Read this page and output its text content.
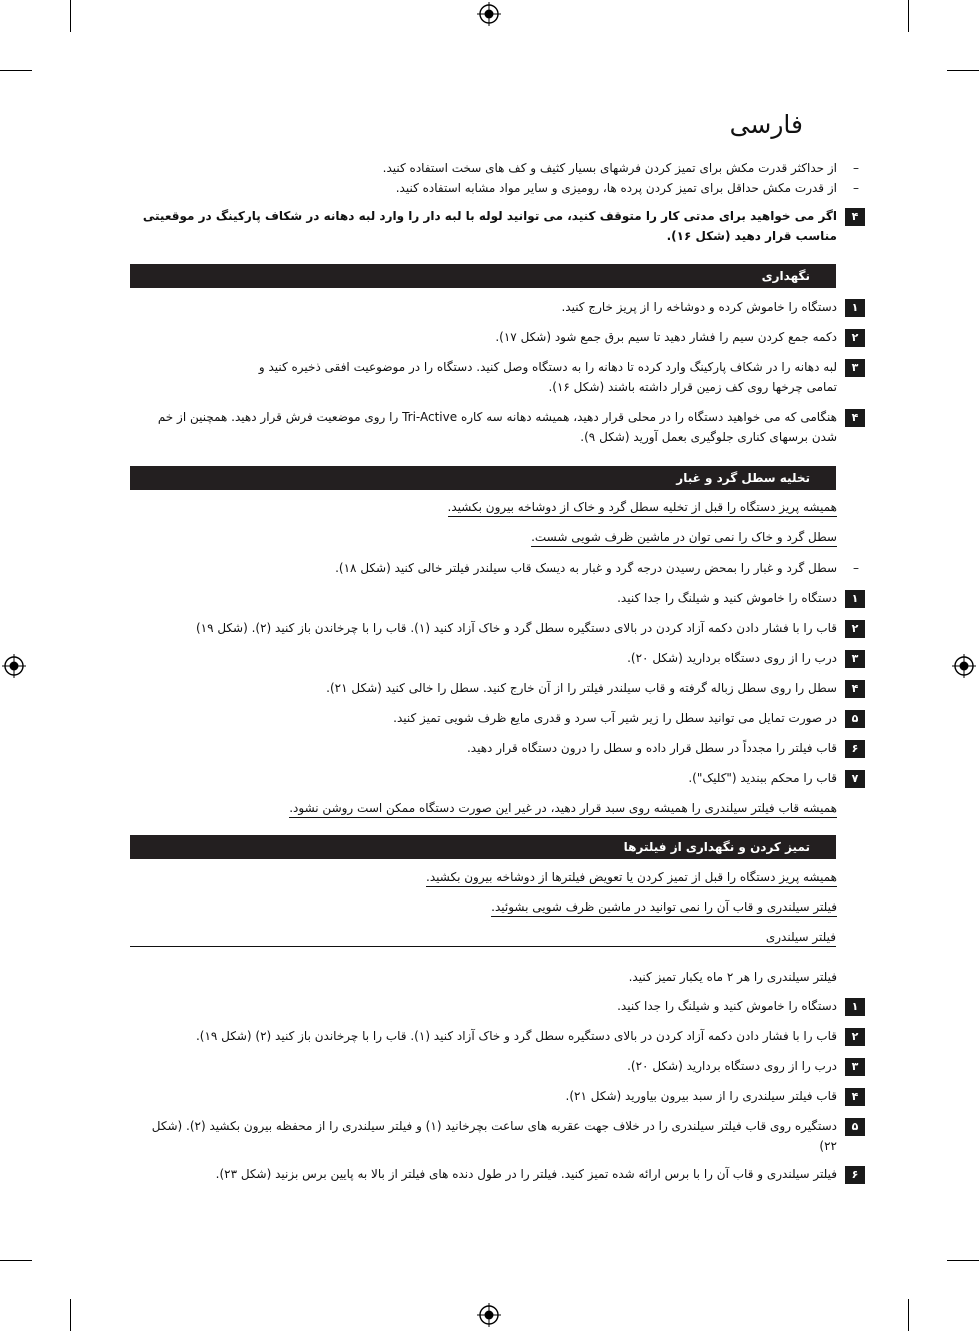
فارسی
–
از حداکثر قدرت مکش برای تمیز کردن فرشهای بسیار کثیف و کف های سخت استفاده کنید.
–
از قدرت مکش حداقل برای تمیز کردن پرده ها، رومیزی و سایر مواد مشابه استفاده کنید.
۴
اگر می خواهید برای مدتی کار را متوقف کنید، می توانید لوله با لبه دار را وارد لبه دهانه در شکاف پارکینگ در موقعیتی مناسب قرار دهید (شکل ۱۶).
نگهداری
۱
دستگاه را خاموش کرده و دوشاخه را از پریز خارج کنید.
۲
دکمه جمع کردن سیم را فشار دهید تا سیم برق جمع شود (شکل ۱۷).
۳
لبه دهانه را در شکاف پارکینگ وارد کرده تا دهانه را به دستگاه وصل کنید. دستگاه را در موضوعیت افقی ذخیره کنید و تمامی چرخها روی کف زمین قرار داشته باشند (شکل ۱۶).
۴
هنگامی که می خواهید دستگاه را در محلی قرار دهید، همیشه دهانه سه کاره Tri-Active را روی موضعیت فرش قرار دهید. همچنین از خم شدن برسهای کناری جلوگیری بعمل آورید (شکل ۹).
تخلیه سطل گرد و غبار
همیشه پریز دستگاه را قبل از تخلیه سطل گرد و خاک از دوشاخه بیرون بکشید.
سطل گرد و خاک را نمی توان در ماشین ظرف شویی شست.
–
سطل گرد و غبار را بمحض رسیدن درجه گرد و غبار به دیسک قاب سیلندر فیلتر خالی کنید (شکل ۱۸).
۱
دستگاه را خاموش کنید و شیلنگ را جدا کنید.
۲
قاب را با فشار دادن دکمه آزاد کردن در بالای دستگیره سطل گرد و خاک آزاد کنید (۱). قاب را با چرخاندن باز کنید (۲). (شکل ۱۹)
۳
درب را از روی دستگاه بردارید (شکل ۲۰).
۴
سطل را روی سطل زباله گرفته و قاب سیلندر فیلتر را از آن خارج کنید. سطل را خالی کنید (شکل ۲۱).
۵
در صورت تمایل می توانید سطل را زیر شیر آب سرد و قدری مایع ظرف شویی تمیز کنید.
۶
قاب فیلتر را مجدداً در سطل قرار داده و سطل را درون دستگاه قرار دهید.
۷
قاب را محکم ببندید ("کلیک").
همیشه قاب فیلتر سیلندری را همیشه روی سبد قرار دهید، در غیر این صورت دستگاه ممکن است روشن نشود.
تمیز کردن و نگهداری از فیلترها
همیشه پریز دستگاه را قبل از تمیز کردن یا تعویض فیلترها از دوشاخه بیرون بکشید.
فیلتر سیلندری و قاب آن را نمی توانید در ماشین ظرف شویی بشوئید.
فیلتر سیلندری
فیلتر سیلندری را هر ۲ ماه یکبار تمیز کنید.
۱
دستگاه را خاموش کنید و شیلنگ را جدا کنید.
۲
قاب را با فشار دادن دکمه آزاد کردن در بالای دستگیره سطل گرد و خاک آزاد کنید (۱). قاب را با چرخاندن باز کنید (۲) (شکل ۱۹).
۳
درب را از روی دستگاه بردارید (شکل ۲۰).
۴
قاب فیلتر سیلندری را از سبد بیرون بیاورید (شکل ۲۱).
۵
دستگیره روی قاب فیلتر سیلندری را در خلاف جهت عقربه های ساعت بچرخانید (۱) و فیلتر سیلندری را از محفظه بیرون بکشید (۲). (شکل ۲۲)
۶
فیلتر سیلندری و قاب آن را با برس ارائه شده تمیز کنید. فیلتر را در طول دنده های فیلتر از بالا به پایین برس بزنید (شکل ۲۳).
